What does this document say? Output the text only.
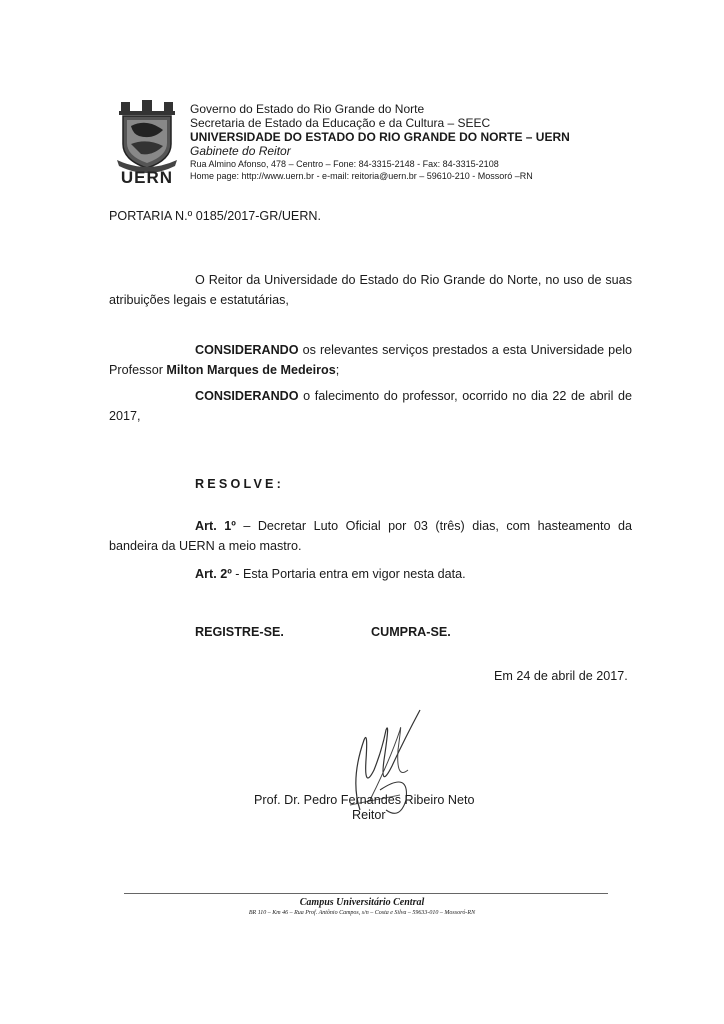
UERN
Governo do Estado do Rio Grande do Norte
Secretaria de Estado da Educação e da Cultura – SEEC
UNIVERSIDADE DO ESTADO DO RIO GRANDE DO NORTE – UERN
Gabinete do Reitor
Rua Almino Afonso, 478 – Centro – Fone: 84-3315-2148 - Fax: 84-3315-2108
Home page: http://www.uern.br - e-mail: reitoria@uern.br – 59610-210 - Mossoró –RN
PORTARIA N.º 0185/2017-GR/UERN.
O Reitor da Universidade do Estado do Rio Grande do Norte, no uso de suas atribuições legais e estatutárias,
CONSIDERANDO os relevantes serviços prestados a esta Universidade pelo Professor Milton Marques de Medeiros;
CONSIDERANDO o falecimento do professor, ocorrido no dia 22 de abril de 2017,
RESOLVE:
Art. 1º – Decretar Luto Oficial por 03 (três) dias, com hasteamento da bandeira da UERN a meio mastro.
Art. 2º - Esta Portaria entra em vigor nesta data.
REGISTRE-SE.	CUMPRA-SE.
Em 24 de abril de 2017.
Prof. Dr. Pedro Fernandes Ribeiro Neto
Reitor
Campus Universitário Central
BR 110 – Km 46 – Rua Prof. Antônio Campos, s/n – Costa e Silva – 59633-010 – Mossoró-RN
